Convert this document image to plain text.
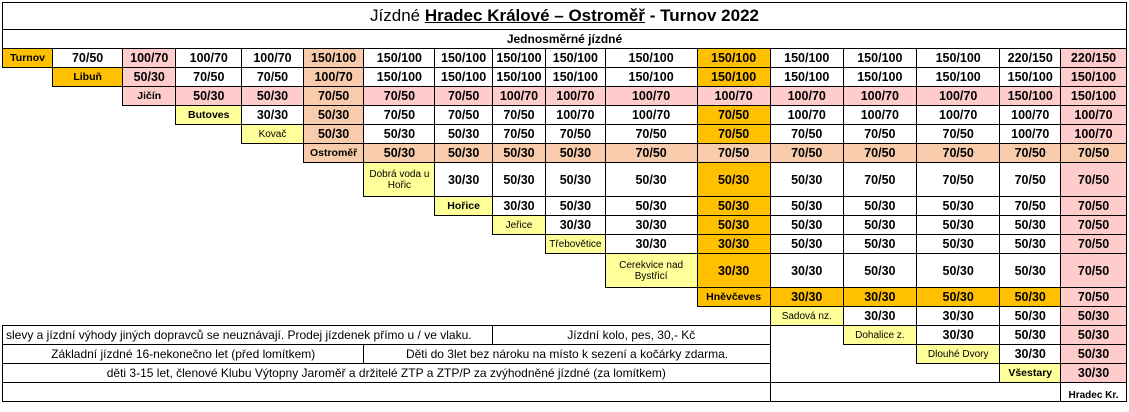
Jízdné Hradec Králové – Ostroměř - Turnov 2022																
Jednosměrné jízdné																
Turnov	70/50	100/70	100/70	100/70	150/100	150/100	150/100	150/100	150/100	150/100	150/100	150/100	150/100	150/100	220/150	220/150
	Libuň	50/30	70/50	70/50	100/70	150/100	150/100	150/100	150/100	150/100	150/100	150/100	150/100	150/100	150/100	150/100
		Jičín	50/30	50/30	70/50	70/50	70/50	100/70	100/70	100/70	100/70	100/70	100/70	100/70	150/100	150/100
			Butoves	30/30	50/30	70/50	70/50	70/50	100/70	100/70	70/50	100/70	100/70	100/70	100/70	100/70
				Kovač	50/30	50/30	50/30	70/50	70/50	70/50	70/50	70/50	70/50	70/50	100/70	100/70
					Ostroměř	50/30	50/30	50/30	50/30	70/50	70/50	70/50	70/50	70/50	70/50	70/50
						Dobrá voda u Hořic	30/30	50/30	50/30	50/30	50/30	50/30	70/50	70/50	70/50	70/50
							Hořice	30/30	50/30	50/30	50/30	50/30	50/30	50/30	70/50	70/50
								Jeřice	30/30	30/30	50/30	50/30	50/30	50/30	50/30	70/50
									Třebovětice	30/30	30/30	50/30	50/30	50/30	50/30	70/50
										Cerekvice nad Bystřicí	30/30	30/30	50/30	50/30	50/30	70/50
											Hněvčeves	30/30	30/30	50/30	50/30	70/50
												Sadová nz.	30/30	30/30	50/30	50/30
slevy a jízdní výhody jiných dopravců se neuznávají. Prodej jízdenek přímo u / ve vlaku.								Jízdní kolo, pes, 30,- Kč					Dohalice z.	30/30	50/30	50/30
Základní jízdné 16-nekonečno let (před lomítkem)						Děti do 3let bez nároku na místo k sezení a kočárky zdarma.								Dlouhé Dvory	30/30	50/30
děti 3-15 let, členové Klubu Výtopny Jaroměř a držitelé ZTP a ZTP/P za zvýhodněné jízdné (za lomítkem)															Všestary	30/30
																Hradec Kr.
